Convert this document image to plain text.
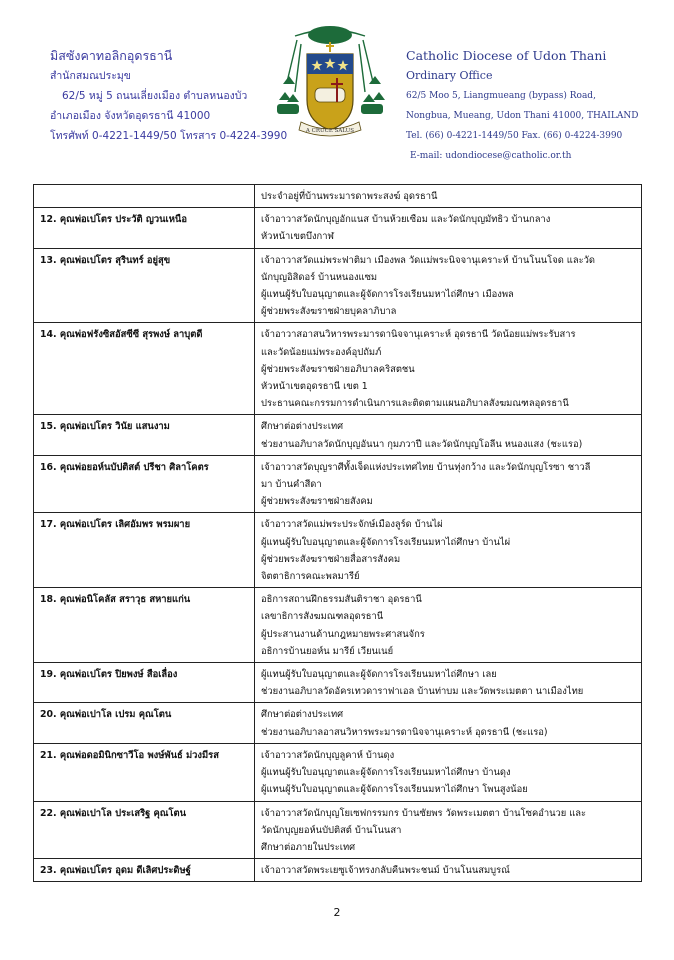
มิสซังคาทอลิกอุดรธานี
สำนักสมณประมุข
62/5 หมู่ 5 ถนนเลี่ยงเมือง ตำบลหนองบัว
อำเภอเมือง จังหวัดอุดรธานี 41000
โทรศัพท์ 0-4221-1449/50 โทรสาร 0-4224-3990	A CRUCE SALUS
Catholic Diocese of Udon Thani
Ordinary Office
62/5 Moo 5, Liangmueang (bypass) Road,
Nongbua, Mueang, Udon Thani 41000, THAILAND
Tel. (66) 0-4221-1449/50 Fax. (66) 0-4224-3990
E-mail: udondiocese@catholic.or.th

	ประจำอยู่ที่บ้านพระมารดาพระสงฆ์ อุดรธานี

12. คุณพ่อเปโตร ประวัติ ญวนเหนือ	เจ้าอาวาสวัดนักบุญอักแนส บ้านห้วยเซือม และวัดนักบุญมัทธิว บ้านกลาง
หัวหน้าเขตบึงกาฬ

13. คุณพ่อเปโตร สุรินทร์ อยู่สุข	เจ้าอาวาสวัดแม่พระฟาติมา เมืองพล วัดแม่พระนิจจานุเคราะห์ บ้านโนนโจด และวัด
นักบุญอิสิดอร์ บ้านหนองแซม
ผู้แทนผู้รับใบอนุญาตและผู้จัดการโรงเรียนมหาไถ่ศึกษา เมืองพล
ผู้ช่วยพระสังฆราชฝ่ายบุคลาภิบาล

14. คุณพ่อฟรังซิสอัสซีซี สุรพงษ์ ลาบุตดี	เจ้าอาวาสอาสนวิหารพระมารดานิจจานุเคราะห์ อุดรธานี วัดน้อยแม่พระรับสาร
และวัดน้อยแม่พระองค์อุปถัมภ์
ผู้ช่วยพระสังฆราชฝ่ายอภิบาลคริสตชน
หัวหน้าเขตอุดรธานี เขต 1
ประธานคณะกรรมการดำเนินการและติดตามแผนอภิบาลสังฆมณฑลอุดรธานี

15. คุณพ่อเปโตร วินัย แสนงาม	ศึกษาต่อต่างประเทศ
ช่วยงานอภิบาลวัดนักบุญอันนา กุมภวาปี และวัดนักบุญโอลีน หนองแสง (ชะแรอ)

16. คุณพ่อยอห์นบัปติสต์ ปรีชา ศิลาโคตร	เจ้าอาวาสวัดบุญราศีทั้งเจ็ดแห่งประเทศไทย บ้านทุ่งกว้าง และวัดนักบุญโรซา ชาวลี
มา บ้านคำสีดา
ผู้ช่วยพระสังฆราชฝ่ายสังคม

17. คุณพ่อเปโตร เลิศอัมพร พรมผาย	เจ้าอาวาสวัดแม่พระประจักษ์เมืองลูร์ด บ้านไผ่
ผู้แทนผู้รับใบอนุญาตและผู้จัดการโรงเรียนมหาไถ่ศึกษา บ้านไผ่
ผู้ช่วยพระสังฆราชฝ่ายสื่อสารสังคม
จิตตาธิการคณะพลมารีย์

18. คุณพ่อนิโคลัส สราวุธ สหายแก่น	อธิการสถานฝึกธรรมสันติราชา อุดรธานี
เลขาธิการสังฆมณฑลอุดรธานี
ผู้ประสานงานด้านกฎหมายพระศาสนจักร
อธิการบ้านยอห์น มารีย์ เวียนเนย์

19. คุณพ่อเปโตร ปิยพงษ์ สือเลื่อง	ผู้แทนผู้รับใบอนุญาตและผู้จัดการโรงเรียนมหาไถ่ศึกษา เลย
ช่วยงานอภิบาลวัดอัครเทวดาราฟาเอล บ้านท่าบม และวัดพระเมตตา นาเมืองไทย

20. คุณพ่อเปาโล เปรม คุณโตน	ศึกษาต่อต่างประเทศ
ช่วยงานอภิบาลอาสนวิหารพระมารดานิจจานุเคราะห์ อุดรธานี (ชะแรอ)

21. คุณพ่อดอมินิกซาวีโอ พงษ์พันธ์ ม่วงมีรส	เจ้าอาวาสวัดนักบุญลูคาห์ บ้านดุง
ผู้แทนผู้รับใบอนุญาตและผู้จัดการโรงเรียนมหาไถ่ศึกษา บ้านดุง
ผู้แทนผู้รับใบอนุญาตและผู้จัดการโรงเรียนมหาไถ่ศึกษา โพนสูงน้อย

22. คุณพ่อเปาโล ประเสริฐ คุณโตน	เจ้าอาวาสวัดนักบุญโยเซฟกรรมกร บ้านซัยพร วัดพระเมตตา บ้านโซคอำนวย และ
วัดนักบุญยอห์นบัปติสต์ บ้านโนนสา
ศึกษาต่อภายในประเทศ

23. คุณพ่อเปโตร อุดม ดีเลิศประดิษฐ์	เจ้าอาวาสวัดพระเยซูเจ้าทรงกลับคืนพระชนม์ บ้านโนนสมบูรณ์
2
